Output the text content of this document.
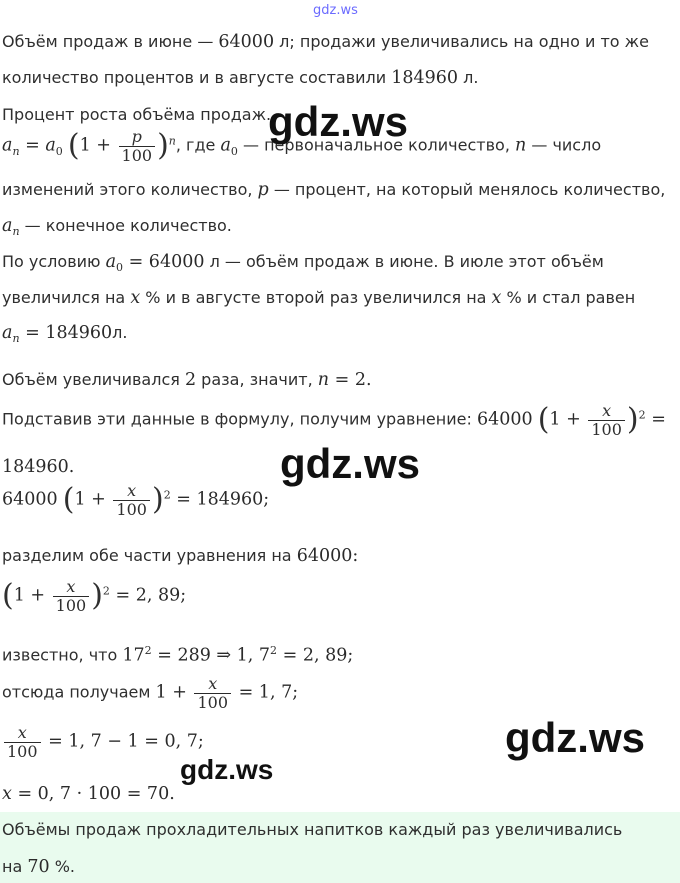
gdz.ws
Объём продаж в июне — 64000 л; продажи увеличивались на одно и то же
количество процентов и в августе составили 184960 л.
Процент роста объёма продаж.
$a_n = a_0$ $(1 + \frac{p}{100} )^n$, где $a_0$ — первоначальное количество, n — число
изменений этого количество, p — процент, на который менялось количество,
$a_n$ — конечное количество.
По условию $a_0 = 64000$ л — объём продаж в июне. В июле этот объём
увеличился на x % и в августе второй раз увеличился на x % и стал равен
$a_n = 184960л$.
Объём увеличивался 2 раза, значит, n = 2.
Подставив эти данные в формулу, получим уравнение: 64000 $(1 + \frac{x}{100} )^2$ =
184960.
64000 $(1 + \frac{x}{100} )^2 = 184960$;
разделим обе части уравнения на 64000:
$(1 + \frac{x}{100} )^2 = 2$, 89;
известно, что $17^2 = 289$ ⇒ 1, $7^2 = 2$, 89;
отсюда получаем $1 + \frac{x}{100} = 1$, 7;
$\frac{x}{100} = 1$, 7 − 1 = 0, 7;
x = 0, 7 · 100 = 70.
Объёмы продаж прохладительных напитков каждый раз увеличивались
на 70 %.
gdz.ws
gdz.ws
gdz.ws
gdz.ws
